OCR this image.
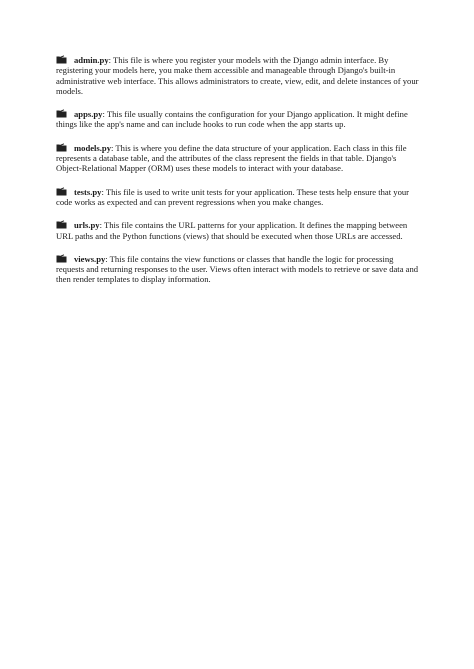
admin.py: This file is where you register your models with the Django admin interface. By registering your models here, you make them accessible and manageable through Django's built-in administrative web interface. This allows administrators to create, view, edit, and delete instances of your models.

apps.py: This file usually contains the configuration for your Django application. It might define things like the app's name and can include hooks to run code when the app starts up.

models.py: This is where you define the data structure of your application. Each class in this file represents a database table, and the attributes of the class represent the fields in that table. Django's Object-Relational Mapper (ORM) uses these models to interact with your database.

tests.py: This file is used to write unit tests for your application. These tests help ensure that your code works as expected and can prevent regressions when you make changes.

urls.py: This file contains the URL patterns for your application. It defines the mapping between URL paths and the Python functions (views) that should be executed when those URLs are accessed.

views.py: This file contains the view functions or classes that handle the logic for processing requests and returning responses to the user. Views often interact with models to retrieve or save data and then render templates to display information.
